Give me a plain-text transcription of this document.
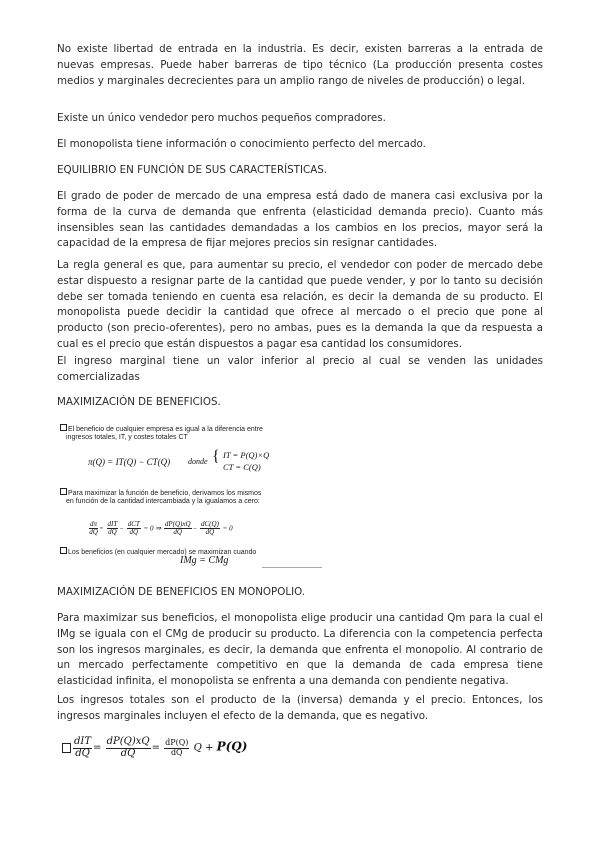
No existe libertad de entrada en la industria. Es decir, existen barreras a la entrada de nuevas empresas. Puede haber barreras de tipo técnico (La producción presenta costes medios y marginales decrecientes para un amplio rango de niveles de producción) o legal.

Existe un único vendedor pero muchos pequeños compradores.

El monopolista tiene información o conocimiento perfecto del mercado.

EQUILIBRIO EN FUNCIÓN DE SUS CARACTERÍSTICAS.

El grado de poder de mercado de una empresa está dado de manera casi exclusiva por la forma de la curva de demanda que enfrenta (elasticidad demanda precio). Cuanto más insensibles sean las cantidades demandadas a los cambios en los precios, mayor será la capacidad de la empresa de fijar mejores precios sin resignar cantidades.

La regla general es que, para aumentar su precio, el vendedor con poder de mercado debe estar dispuesto a resignar parte de la cantidad que puede vender, y por lo tanto su decisión debe ser tomada teniendo en cuenta esa relación, es decir la demanda de su producto. El monopolista puede decidir la cantidad que ofrece al mercado o el precio que pone al producto (son precio-oferentes), pero no ambas, pues es la demanda la que da respuesta a cual es el precio que están dispuestos a pagar esa cantidad los consumidores.

El ingreso marginal tiene un valor inferior al precio al cual se venden las unidades comercializadas

MAXIMIZACIÓN DE BENEFICIOS.

El beneficio de cualquier empresa es igual a la diferencia entre
ingresos totales, IT, y costes totales CT
π(Q) = IT(Q) − CT(Q) donde { IT = P(Q)×Q
CT = C(Q)
Para maximizar la función de beneficio, derivamos los mismos
en función de la cantidad intercambiada y la igualamos a cero:
$\frac{d\pi}{dQ} = \frac{\text{dIT}}{dQ} - \frac{\text{dCT}}{dQ} = 0$ ⇒ $\frac{dP(Q)xQ}{dQ} - \frac{dC(Q)}{dQ} = 0$
Los beneficios (en cualquier mercado) se maximizan cuando
IMg = CMg

MAXIMIZACIÓN DE BENEFICIOS EN MONOPOLIO.

Para maximizar sus beneficios, el monopolista elige producir una cantidad Qm para la cual el IMg se iguala con el CMg de producir su producto. La diferencia con la competencia perfecta son los ingresos marginales, es decir, la demanda que enfrenta el monopolio. Al contrario de un mercado perfectamente competitivo en que la demanda de cada empresa tiene elasticidad infinita, el monopolista se enfrenta a una demanda con pendiente negativa.

Los ingresos totales son el producto de la (inversa) demanda y el precio. Entonces, los ingresos marginales incluyen el efecto de la demanda, que es negativo.

$\frac{\text{dIT}}{dQ} = \frac{dP(Q)xQ}{dQ} = \frac{dP(Q)}{dQ}$ Q + P(Q)
